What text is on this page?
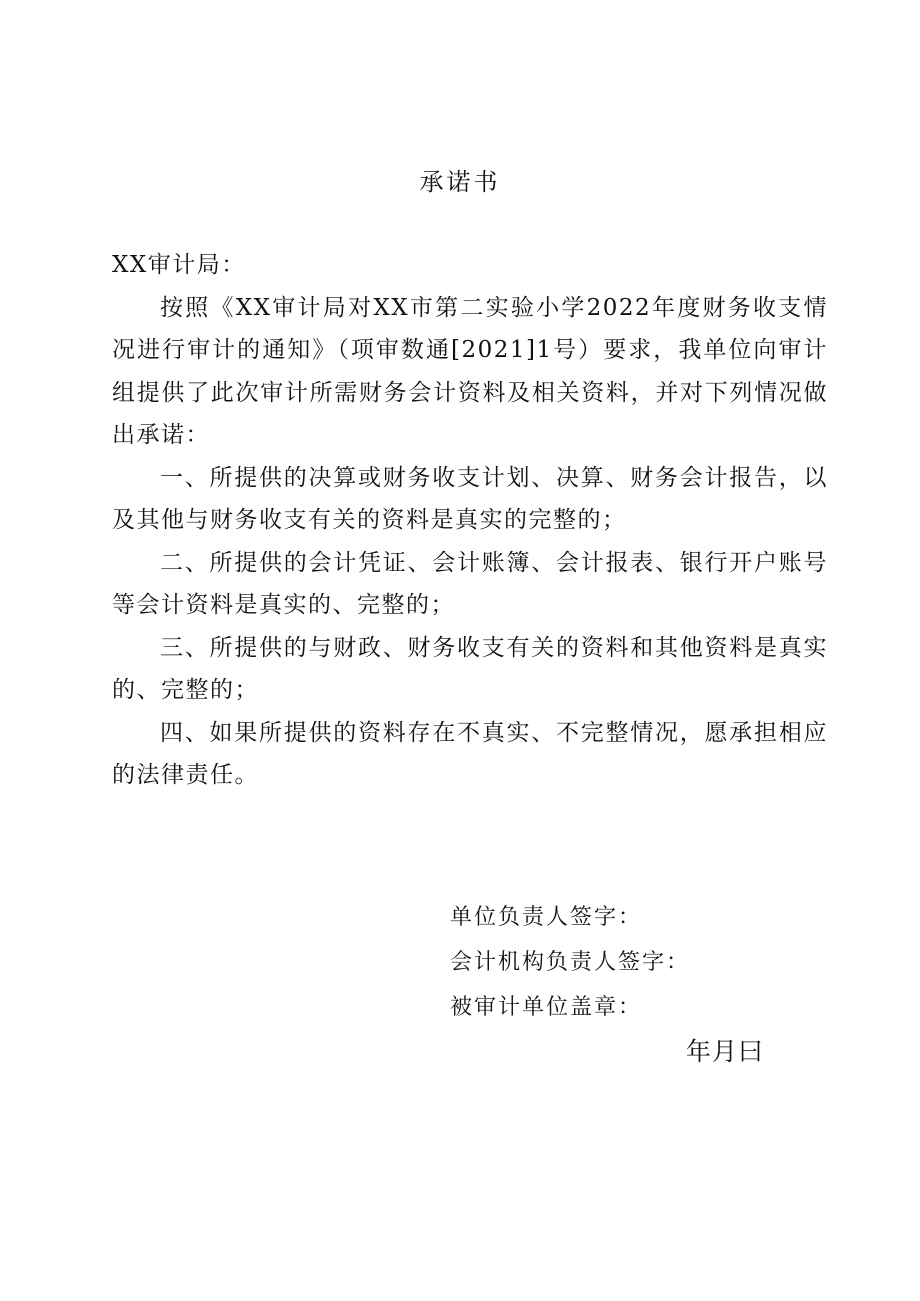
承诺书

XX审计局：

按照《XX审计局对XX市第二实验小学2022年度财务收支情况进行审计的通知》（项审数通[2021]1号）要求，我单位向审计组提供了此次审计所需财务会计资料及相关资料，并对下列情况做出承诺：

一、所提供的决算或财务收支计划、决算、财务会计报告，以及其他与财务收支有关的资料是真实的完整的；

二、所提供的会计凭证、会计账簿、会计报表、银行开户账号等会计资料是真实的、完整的；

三、所提供的与财政、财务收支有关的资料和其他资料是真实的、完整的；

四、如果所提供的资料存在不真实、不完整情况，愿承担相应的法律责任。

单位负责人签字：
会计机构负责人签字：
被审计单位盖章：
年月曰
